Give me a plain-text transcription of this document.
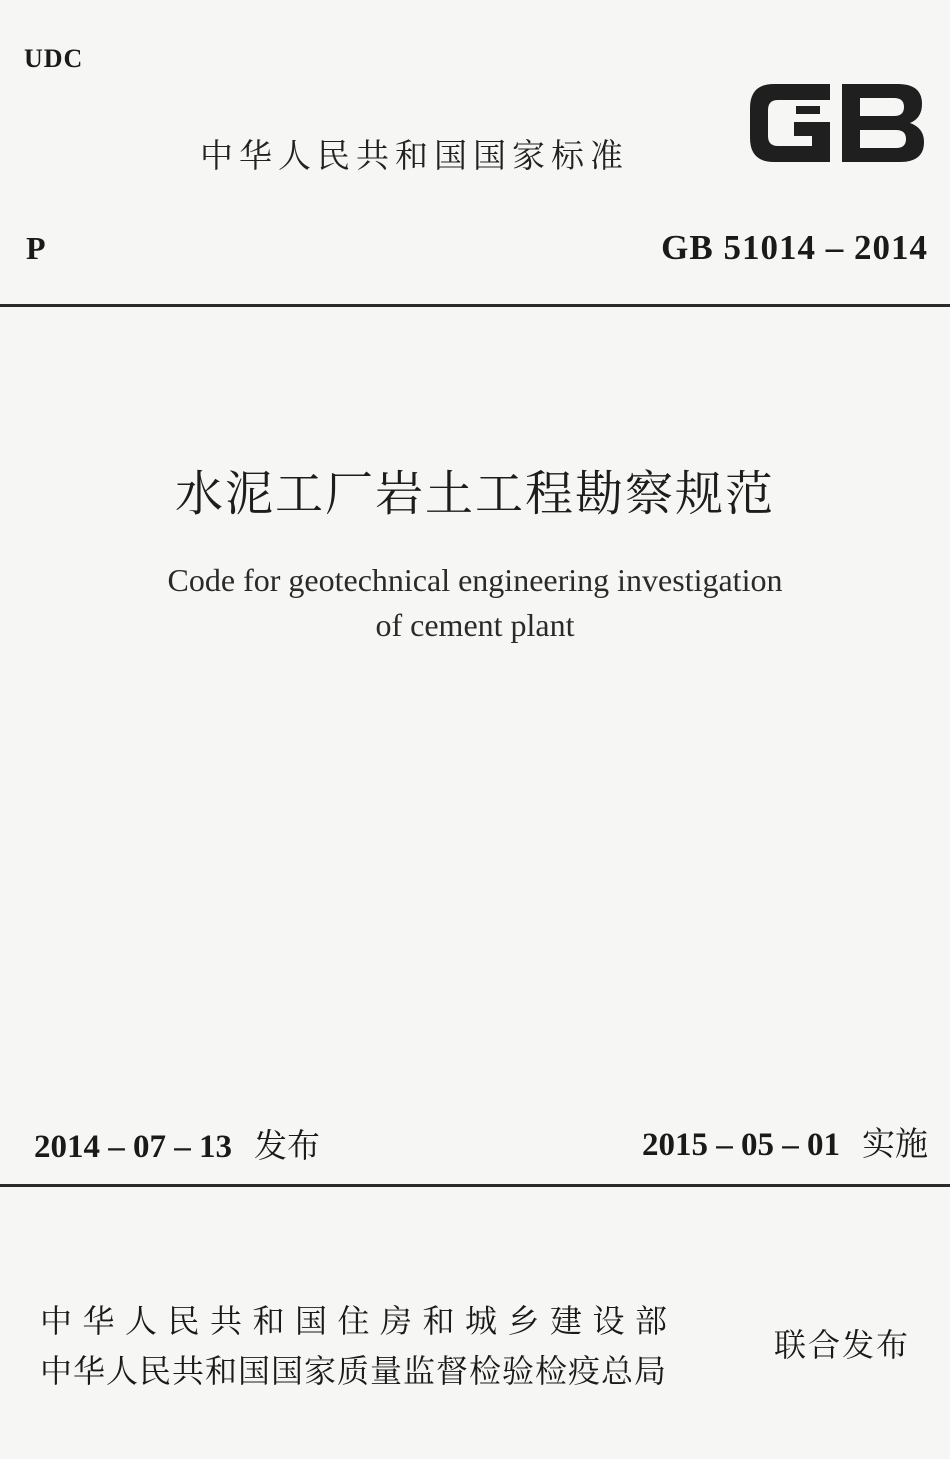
UDC
中华人民共和国国家标准
P	GB 51014 – 2014
水泥工厂岩土工程勘察规范
Code for geotechnical engineering investigation
of cement plant
2014 – 07 – 13 发布	2015 – 05 – 01 实施
中华人民共和国住房和城乡建设部
中华人民共和国国家质量监督检验检疫总局
联合发布
